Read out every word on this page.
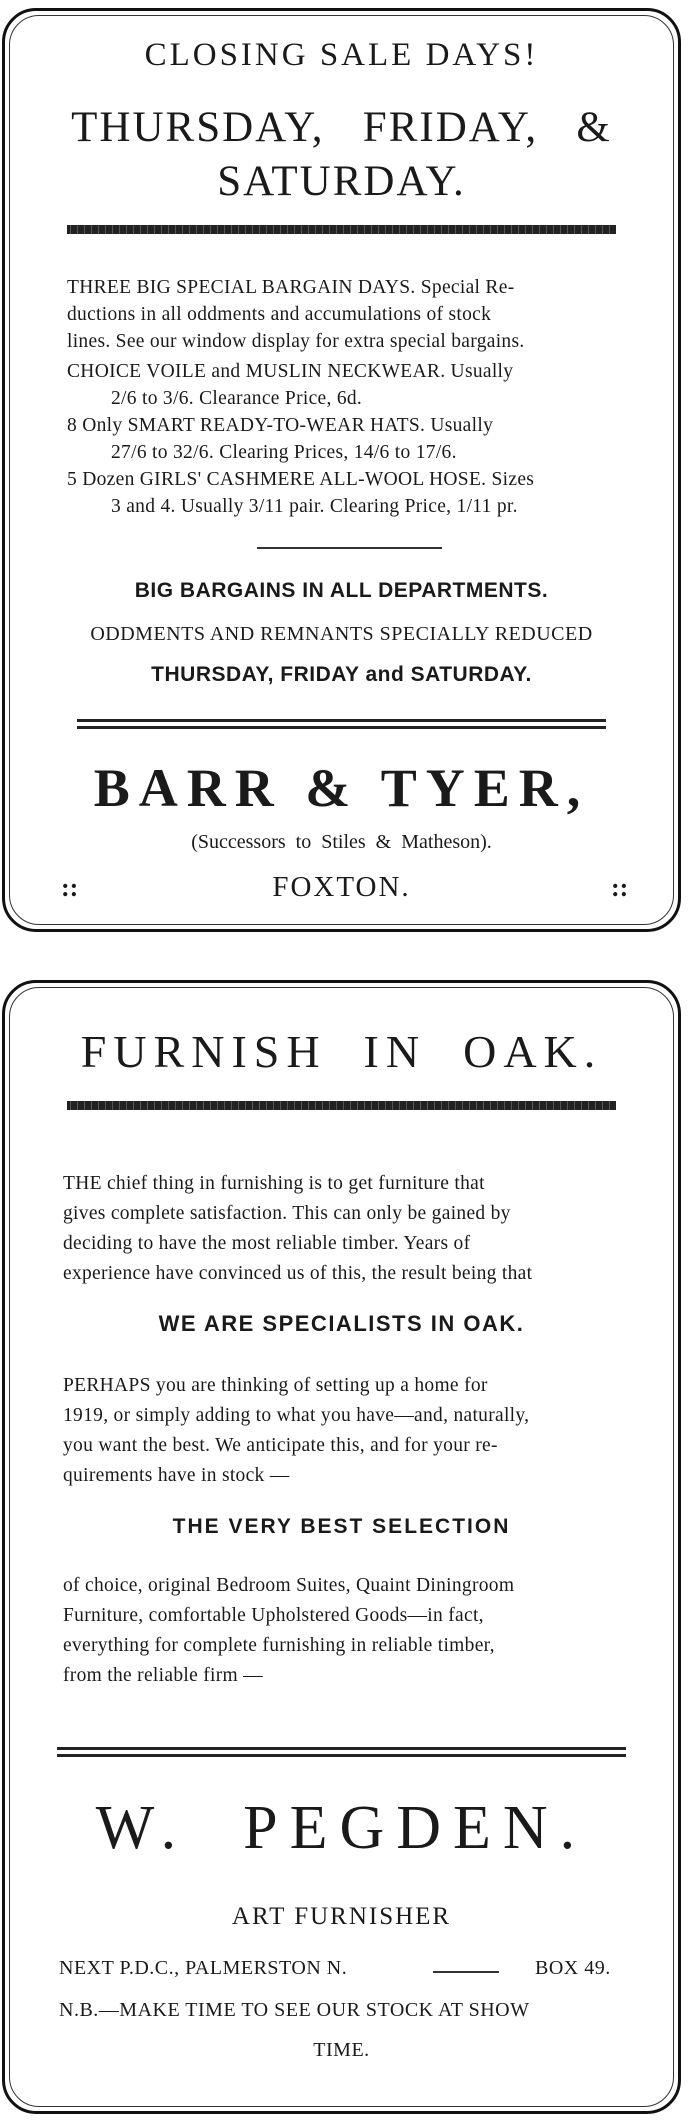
CLOSING SALE DAYS!
THURSDAY,   FRIDAY,   &
SATURDAY.
THREE BIG SPECIAL BARGAIN DAYS. Special Re-
ductions in all oddments and accumulations of stock
lines. See our window display for extra special bargains.
CHOICE VOILE and MUSLIN NECKWEAR. Usually
2/6 to 3/6. Clearance Price, 6d.
8 Only SMART READY-TO-WEAR HATS. Usually
27/6 to 32/6. Clearing Prices, 14/6 to 17/6.
5 Dozen GIRLS' CASHMERE ALL-WOOL HOSE. Sizes
3 and 4. Usually 3/11 pair. Clearing Price, 1/11 pr.
BIG BARGAINS IN ALL DEPARTMENTS.
ODDMENTS AND REMNANTS SPECIALLY REDUCED
THURSDAY, FRIDAY and SATURDAY.
BARR & TYER,
(Successors to Stiles & Matheson).
::	FOXTON.	::
FURNISH  IN  OAK.
THE chief thing in furnishing is to get furniture that
gives complete satisfaction. This can only be gained by
deciding to have the most reliable timber. Years of
experience have convinced us of this, the result being that
WE ARE SPECIALISTS IN OAK.
PERHAPS you are thinking of setting up a home for
1919, or simply adding to what you have—and, naturally,
you want the best. We anticipate this, and for your re-
quirements have in stock —
THE VERY BEST SELECTION
of choice, original Bedroom Suites, Quaint Diningroom
Furniture, comfortable Upholstered Goods—in fact,
everything for complete furnishing in reliable timber,
from the reliable firm —
W.  PEGDEN.
ART FURNISHER
NEXT P.D.C., PALMERSTON N.	BOX 49.
N.B.—MAKE TIME TO SEE OUR STOCK AT SHOW
TIME.
